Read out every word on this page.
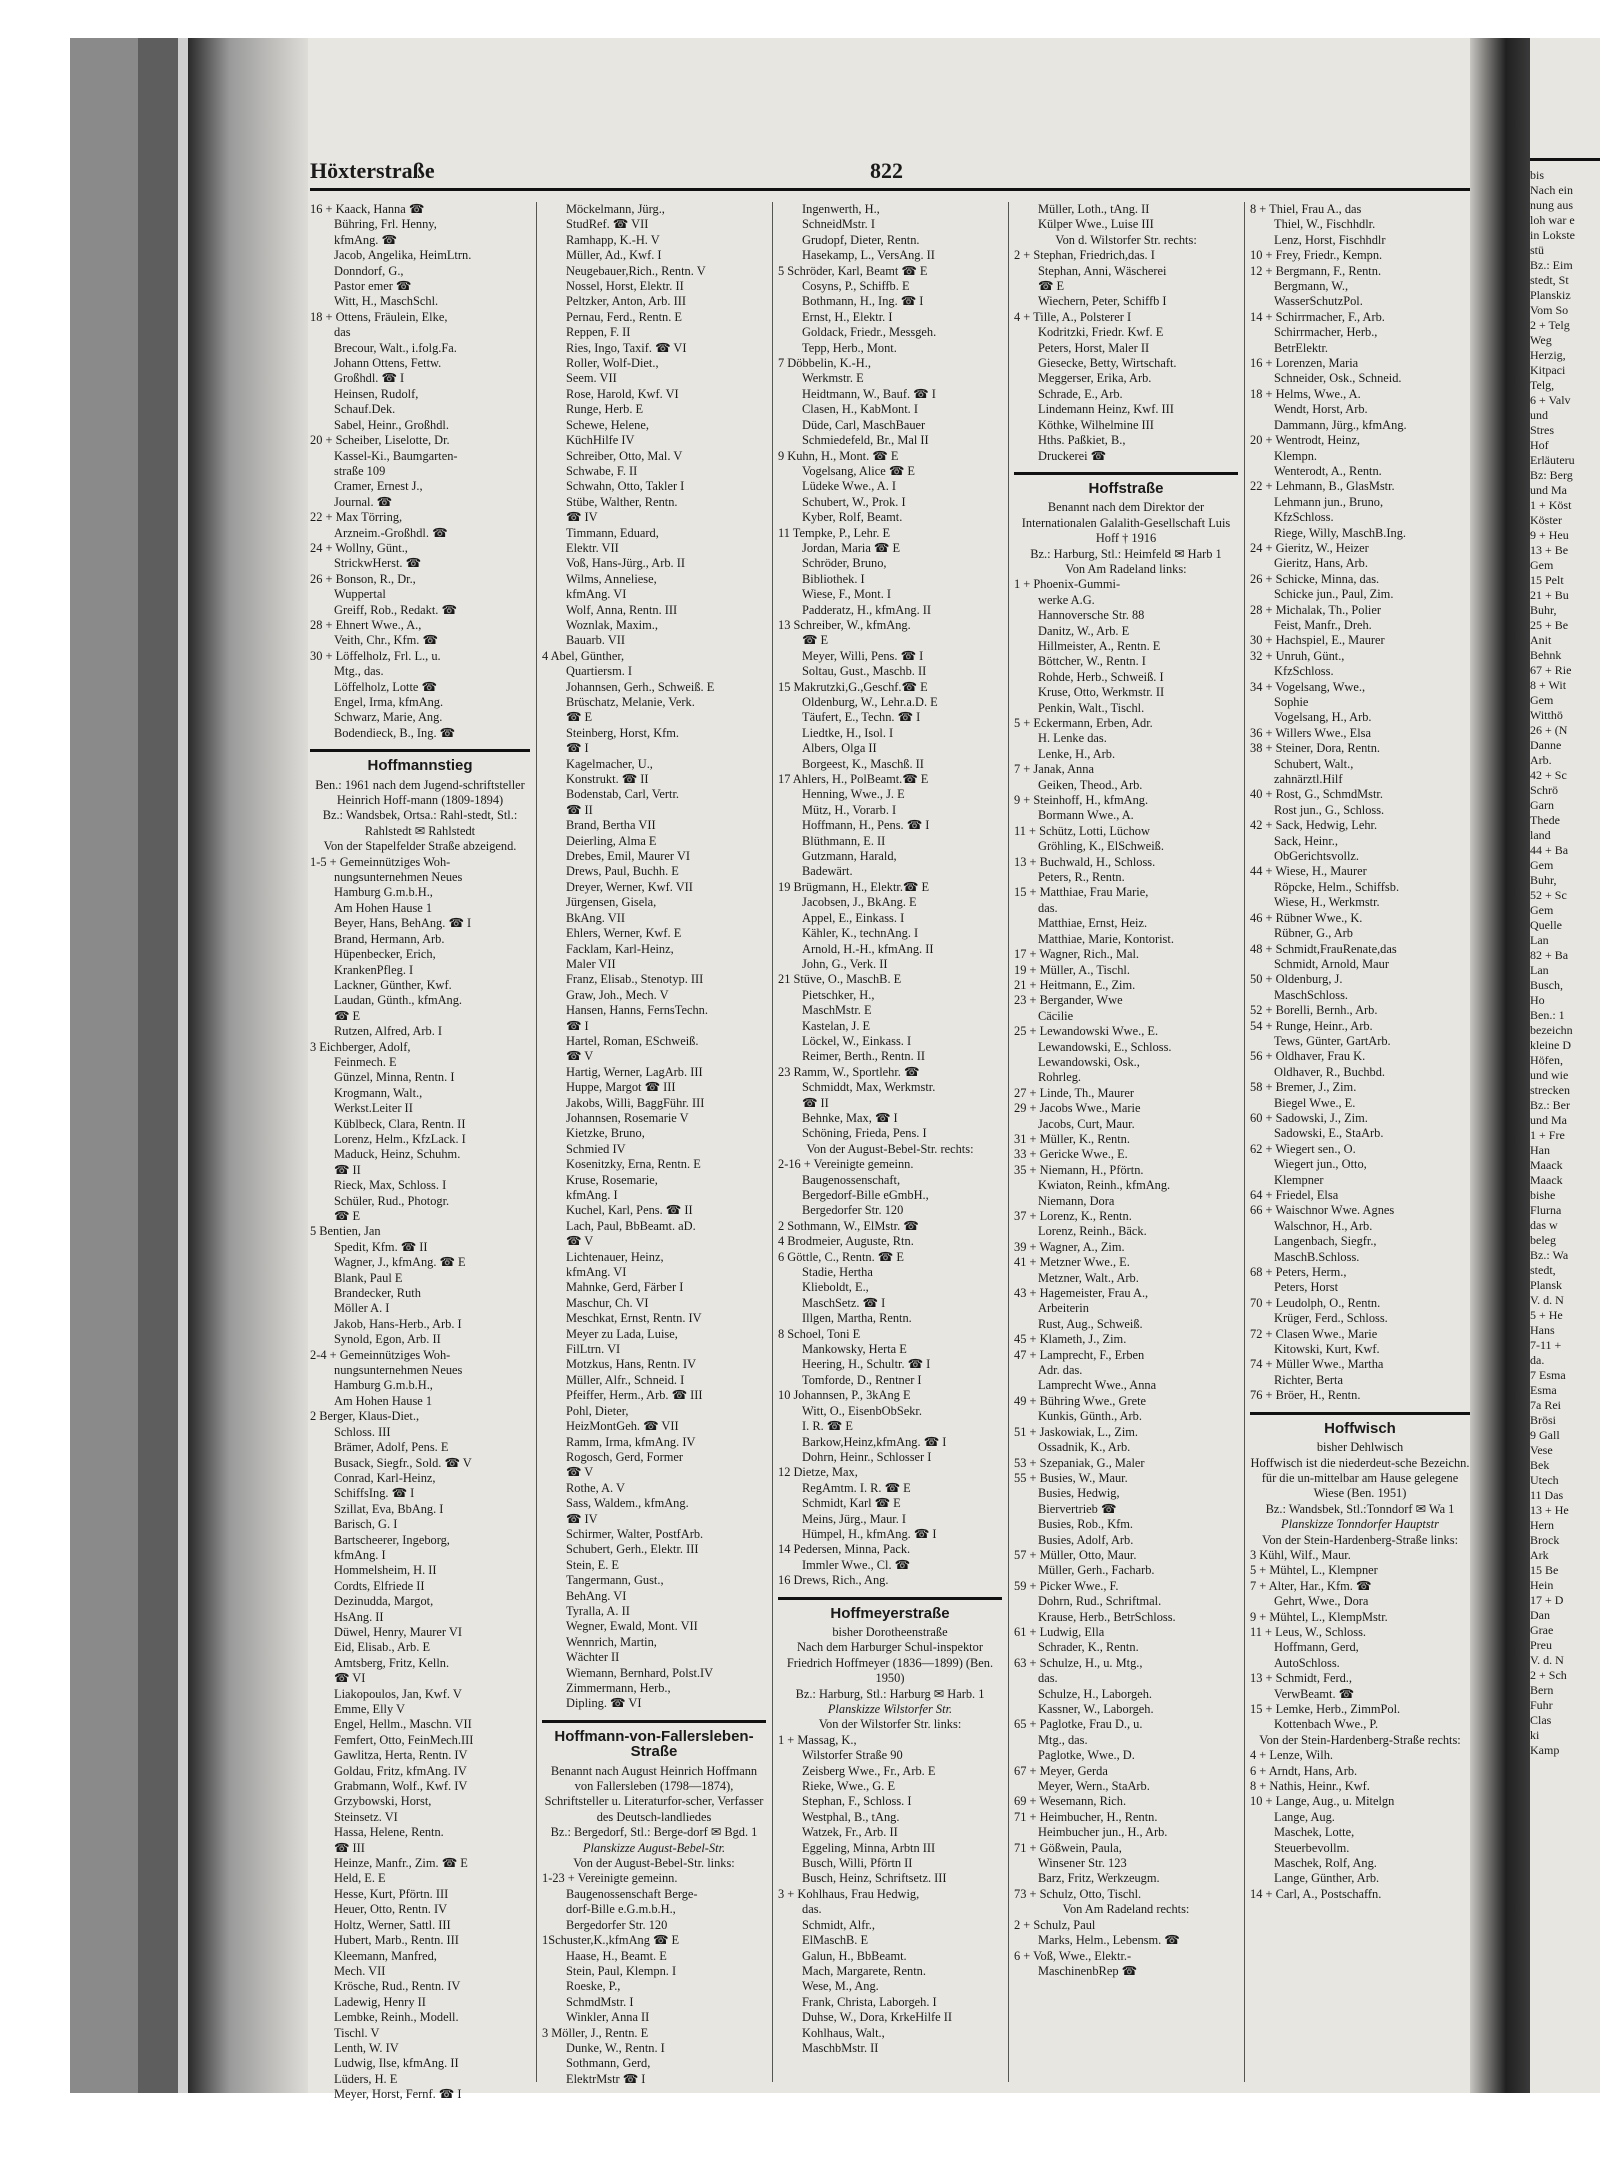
Höxterstraße	822
16 + Kaack, Hanna ☎
Bühring, Frl. Henny,
kfmAng. ☎
Jacob, Angelika, HeimLtrn.
Donndorf, G.,
Pastor emer ☎
Witt, H., MaschSchl.
18 + Ottens, Fräulein, Elke,
das
Brecour, Walt., i.folg.Fa.
Johann Ottens, Fettw.
Großhdl. ☎ I
Heinsen, Rudolf,
Schauf.Dek.
Sabel, Heinr., Großhdl.
20 + Scheiber, Liselotte, Dr.
Kassel-Ki., Baumgarten-
straße 109
Cramer, Ernest J.,
Journal. ☎
22 + Max Törring,
Arzneim.-Großhdl. ☎
24 + Wollny, Günt.,
StrickwHerst. ☎
26 + Bonson, R., Dr.,
Wuppertal
Greiff, Rob., Redakt. ☎
28 + Ehnert Wwe., A.,
Veith, Chr., Kfm. ☎
30 + Löffelholz, Frl. L., u.
Mtg., das.
Löffelholz, Lotte ☎
Engel, Irma, kfmAng.
Schwarz, Marie, Ang.
Bodendieck, B., Ing. ☎
Hoffmannstieg
Ben.: 1961 nach dem Jugend-schriftsteller Heinrich Hoff-mann (1809-1894)
Bz.: Wandsbek, Ortsa.: Rahl-stedt, Stl.: Rahlstedt ✉ Rahlstedt
Von der Stapelfelder Straße abzeigend.
1-5 + Gemeinnütziges Woh-
nungsunternehmen Neues
Hamburg G.m.b.H.,
Am Hohen Hause 1
Beyer, Hans, BehAng. ☎ I
Brand, Hermann, Arb.
Hüpenbecker, Erich,
KrankenPfleg. I
Lackner, Günther, Kwf.
Laudan, Günth., kfmAng.
☎ E
Rutzen, Alfred, Arb. I
3 Eichberger, Adolf,
Feinmech. E
Günzel, Minna, Rentn. I
Krogmann, Walt.,
Werkst.Leiter II
Küblbeck, Clara, Rentn. II
Lorenz, Helm., KfzLack. I
Maduck, Heinz, Schuhm.
☎ II
Rieck, Max, Schloss. I
Schüler, Rud., Photogr.
☎ E
5 Bentien, Jan
Spedit, Kfm. ☎ II
Wagner, J., kfmAng. ☎ E
Blank, Paul E
Brandecker, Ruth
Möller A. I
Jakob, Hans-Herb., Arb. I
Synold, Egon, Arb. II
2-4 + Gemeinnütziges Woh-
nungsunternehmen Neues
Hamburg G.m.b.H.,
Am Hohen Hause 1
2 Berger, Klaus-Diet.,
Schloss. III
Brämer, Adolf, Pens. E
Busack, Siegfr., Sold. ☎ V
Conrad, Karl-Heinz,
SchiffsIng. ☎ I
Szillat, Eva, BbAng. I
Barisch, G. I
Bartscheerer, Ingeborg,
kfmAng. I
Hommelsheim, H. II
Cordts, Elfriede II
Dezinudda, Margot,
HsAng. II
Düwel, Henry, Maurer VI
Eid, Elisab., Arb. E
Amtsberg, Fritz, Kelln.
☎ VI
Liakopoulos, Jan, Kwf. V
Emme, Elly V
Engel, Hellm., Maschn. VII
Femfert, Otto, FeinMech.III
Gawlitza, Herta, Rentn. IV
Goldau, Fritz, kfmAng. IV
Grabmann, Wolf., Kwf. IV
Grzybowski, Horst,
Steinsetz. VI
Hassa, Helene, Rentn.
☎ III
Heinze, Manfr., Zim. ☎ E
Held, E. E
Hesse, Kurt, Pförtn. III
Heuer, Otto, Rentn. IV
Holtz, Werner, Sattl. III
Hubert, Marb., Rentn. III
Kleemann, Manfred,
Mech. VII
Krösche, Rud., Rentn. IV
Ladewig, Henry II
Lembke, Reinh., Modell.
Tischl. V
Lenth, W. IV
Ludwig, Ilse, kfmAng. II
Lüders, H. E
Meyer, Horst, Fernf. ☎ I
Möckelmann, Jürg.,
StudRef. ☎ VII
Ramhapp, K.-H. V
Müller, Ad., Kwf. I
Neugebauer,Rich., Rentn. V
Nossel, Horst, Elektr. II
Peltzker, Anton, Arb. III
Pernau, Ferd., Rentn. E
Reppen, F. II
Ries, Ingo, Taxif. ☎ VI
Roller, Wolf-Diet.,
Seem. VII
Rose, Harold, Kwf. VI
Runge, Herb. E
Schewe, Helene,
KüchHilfe IV
Schreiber, Otto, Mal. V
Schwabe, F. II
Schwahn, Otto, Takler I
Stübe, Walther, Rentn.
☎ IV
Timmann, Eduard,
Elektr. VII
Voß, Hans-Jürg., Arb. II
Wilms, Anneliese,
kfmAng. VI
Wolf, Anna, Rentn. III
Woznlak, Maxim.,
Bauarb. VII
4 Abel, Günther,
Quartiersm. I
Johannsen, Gerh., Schweiß. E
Brüschatz, Melanie, Verk.
☎ E
Steinberg, Horst, Kfm.
☎ I
Kagelmacher, U.,
Konstrukt. ☎ II
Bodenstab, Carl, Vertr.
☎ II
Brand, Bertha VII
Deierling, Alma E
Drebes, Emil, Maurer VI
Drews, Paul, Buchh. E
Dreyer, Werner, Kwf. VII
Jürgensen, Gisela,
BkAng. VII
Ehlers, Werner, Kwf. E
Facklam, Karl-Heinz,
Maler VII
Franz, Elisab., Stenotyp. III
Graw, Joh., Mech. V
Hansen, Hanns, FernsTechn.
☎ I
Hartel, Roman, ESchweiß.
☎ V
Hartig, Werner, LagArb. III
Huppe, Margot ☎ III
Jakobs, Willi, BaggFühr. III
Johannsen, Rosemarie V
Kietzke, Bruno,
Schmied IV
Kosenitzky, Erna, Rentn. E
Kruse, Rosemarie,
kfmAng. I
Kuchel, Karl, Pens. ☎ II
Lach, Paul, BbBeamt. aD.
☎ V
Lichtenauer, Heinz,
kfmAng. VI
Mahnke, Gerd, Färber I
Maschur, Ch. VI
Meschkat, Ernst, Rentn. IV
Meyer zu Lada, Luise,
FilLtrn. VI
Motzkus, Hans, Rentn. IV
Müller, Alfr., Schneid. I
Pfeiffer, Herm., Arb. ☎ III
Pohl, Dieter,
HeizMontGeh. ☎ VII
Ramm, Irma, kfmAng. IV
Rogosch, Gerd, Former
☎ V
Rothe, A. V
Sass, Waldem., kfmAng.
☎ IV
Schirmer, Walter, PostfArb.
Schubert, Gerh., Elektr. III
Stein, E. E
Tangermann, Gust.,
BehAng. VI
Tyralla, A. II
Wegner, Ewald, Mont. VII
Wennrich, Martin,
Wächter II
Wiemann, Bernhard, Polst.IV
Zimmermann, Herb.,
Dipling. ☎ VI
Hoffmann-von-Fallersleben-Straße
Benannt nach August Heinrich Hoffmann von Fallersleben (1798—1874), Schriftsteller u. Literaturfor-scher, Verfasser des Deutsch-landliedes
Bz.: Bergedorf, Stl.: Berge-dorf ✉ Bgd. 1
Planskizze August-Bebel-Str.
Von der August-Bebel-Str. links:
1-23 + Vereinigte gemeinn.
Baugenossenschaft Berge-
dorf-Bille e.G.m.b.H.,
Bergedorfer Str. 120
1Schuster,K.,kfmAng ☎ E
Haase, H., Beamt. E
Stein, Paul, Klempn. I
Roeske, P.,
SchmdMstr. I
Winkler, Anna II
3 Möller, J., Rentn. E
Dunke, W., Rentn. I
Sothmann, Gerd,
ElektrMstr ☎ I
Ingenwerth, H.,
SchneidMstr. I
Grudopf, Dieter, Rentn.
Hasekamp, L., VersAng. II
5 Schröder, Karl, Beamt ☎ E
Cosyns, P., Schiffb. E
Bothmann, H., Ing. ☎ I
Ernst, H., Elektr. I
Goldack, Friedr., Messgeh.
Tepp, Herb., Mont.
7 Döbbelin, K.-H.,
Werkmstr. E
Heidtmann, W., Bauf. ☎ I
Clasen, H., KabMont. I
Düde, Carl, MaschBauer
Schmiedefeld, Br., Mal II
9 Kuhn, H., Mont. ☎ E
Vogelsang, Alice ☎ E
Lüdeke Wwe., A. I
Schubert, W., Prok. I
Kyber, Rolf, Beamt.
11 Tempke, P., Lehr. E
Jordan, Maria ☎ E
Schröder, Bruno,
Bibliothek. I
Wiese, F., Mont. I
Padderatz, H., kfmAng. II
13 Schreiber, W., kfmAng.
☎ E
Meyer, Willi, Pens. ☎ I
Soltau, Gust., Maschb. II
15 Makrutzki,G.,Geschf.☎ E
Oldenburg, W., Lehr.a.D. E
Täufert, E., Techn. ☎ I
Liedtke, H., Isol. I
Albers, Olga II
Borgeest, K., Maschß. II
17 Ahlers, H., PolBeamt.☎ E
Henning, Wwe., J. E
Mütz, H., Vorarb. I
Hoffmann, H., Pens. ☎ I
Blüthmann, E. II
Gutzmann, Harald,
Badewärt.
19 Brügmann, H., Elektr.☎ E
Jacobsen, J., BkAng. E
Appel, E., Einkass. I
Kähler, K., technAng. I
Arnold, H.-H., kfmAng. II
John, G., Verk. II
21 Stüve, O., MaschB. E
Pietschker, H.,
MaschMstr. E
Kastelan, J. E
Löckel, W., Einkass. I
Reimer, Berth., Rentn. II
23 Ramm, W., Sportlehr. ☎
Schmiddt, Max, Werkmstr.
☎ II
Behnke, Max, ☎ I
Schöning, Frieda, Pens. I
Von der August-Bebel-Str. rechts:
2-16 + Vereinigte gemeinn.
Baugenossenschaft,
Bergedorf-Bille eGmbH.,
Bergedorfer Str. 120
2 Sothmann, W., ElMstr. ☎
4 Brodmeier, Auguste, Rtn.
6 Göttle, C., Rentn. ☎ E
Stadie, Hertha
Klieboldt, E.,
MaschSetz. ☎ I
Illgen, Martha, Rentn.
8 Schoel, Toni E
Mankowsky, Herta E
Heering, H., Schultr. ☎ I
Tomforde, D., Rentner I
10 Johannsen, P., 3kAng E
Witt, O., EisenbObSekr.
I. R. ☎ E
Barkow,Heinz,kfmAng. ☎ I
Dohrn, Heinr., Schlosser I
12 Dietze, Max,
RegAmtm. I. R. ☎ E
Schmidt, Karl ☎ E
Meins, Jürg., Maur. I
Hümpel, H., kfmAng. ☎ I
14 Pedersen, Minna, Pack.
Immler Wwe., Cl. ☎
16 Drews, Rich., Ang.
Hoffmeyerstraße
bisher Dorotheenstraße
Nach dem Harburger Schul-inspektor Friedrich Hoffmeyer (1836—1899) (Ben. 1950)
Bz.: Harburg, Stl.: Harburg ✉ Harb. 1
Planskizze Wilstorfer Str.
Von der Wilstorfer Str. links:
1 + Massag, K.,
Wilstorfer Straße 90
Zeisberg Wwe., Fr., Arb. E
Rieke, Wwe., G. E
Stephan, F., Schloss. I
Westphal, B., tAng.
Watzek, Fr., Arb. II
Eggeling, Minna, Arbtn III
Busch, Willi, Pförtn II
Busch, Heinz, Schriftsetz. III
3 + Kohlhaus, Frau Hedwig,
das.
Schmidt, Alfr.,
ElMaschB. E
Galun, H., BbBeamt.
Mach, Margarete, Rentn.
Wese, M., Ang.
Frank, Christa, Laborgeh. I
Duhse, W., Dora, KrkeHilfe II
Kohlhaus, Walt.,
MaschbMstr. II
Müller, Loth., tAng. II
Külper Wwe., Luise III
Von d. Wilstorfer Str. rechts:
2 + Stephan, Friedrich,das. I
Stephan, Anni, Wäscherei
☎ E
Wiechern, Peter, Schiffb I
4 + Tille, A., Polsterer I
Kodritzki, Friedr. Kwf. E
Peters, Horst, Maler II
Giesecke, Betty, Wirtschaft.
Meggerser, Erika, Arb.
Schrade, E., Arb.
Lindemann Heinz, Kwf. III
Köthke, Wilhelmine III
Hths. Paßkiet, B.,
Druckerei ☎
Hoffstraße
Benannt nach dem Direktor der Internationalen Galalith-Gesellschaft Luis Hoff † 1916
Bz.: Harburg, Stl.: Heimfeld ✉ Harb 1
Von Am Radeland links:
1 + Phoenix-Gummi-
werke A.G.
Hannoversche Str. 88
Danitz, W., Arb. E
Hillmeister, A., Rentn. E
Böttcher, W., Rentn. I
Rohde, Herb., Schweiß. I
Kruse, Otto, Werkmstr. II
Penkin, Walt., Tischl.
5 + Eckermann, Erben, Adr.
H. Lenke das.
Lenke, H., Arb.
7 + Janak, Anna
Geiken, Theod., Arb.
9 + Steinhoff, H., kfmAng.
Bormann Wwe., A.
11 + Schütz, Lotti, Lüchow
Gröhling, K., ElSchweiß.
13 + Buchwald, H., Schloss.
Peters, R., Rentn.
15 + Matthiae, Frau Marie,
das.
Matthiae, Ernst, Heiz.
Matthiae, Marie, Kontorist.
17 + Wagner, Rich., Mal.
19 + Müller, A., Tischl.
21 + Heitmann, E., Zim.
23 + Bergander, Wwe
Cäcilie
25 + Lewandowski Wwe., E.
Lewandowski, E., Schloss.
Lewandowski, Osk.,
Rohrleg.
27 + Linde, Th., Maurer
29 + Jacobs Wwe., Marie
Jacobs, Curt, Maur.
31 + Müller, K., Rentn.
33 + Gericke Wwe., E.
35 + Niemann, H., Pförtn.
Kwiaton, Reinh., kfmAng.
Niemann, Dora
37 + Lorenz, K., Rentn.
Lorenz, Reinh., Bäck.
39 + Wagner, A., Zim.
41 + Metzner Wwe., E.
Metzner, Walt., Arb.
43 + Hagemeister, Frau A.,
Arbeiterin
Rust, Aug., Schweiß.
45 + Klameth, J., Zim.
47 + Lamprecht, F., Erben
Adr. das.
Lamprecht Wwe., Anna
49 + Bühring Wwe., Grete
Kunkis, Günth., Arb.
51 + Jaskowiak, L., Zim.
Ossadnik, K., Arb.
53 + Szepaniak, G., Maler
55 + Busies, W., Maur.
Busies, Hedwig,
Biervertrieb ☎
Busies, Rob., Kfm.
Busies, Adolf, Arb.
57 + Müller, Otto, Maur.
Müller, Gerh., Facharb.
59 + Picker Wwe., F.
Dohrn, Rud., Schriftmal.
Krause, Herb., BetrSchloss.
61 + Ludwig, Ella
Schrader, K., Rentn.
63 + Schulze, H., u. Mtg.,
das.
Schulze, H., Laborgeh.
Kassner, W., Laborgeh.
65 + Paglotke, Frau D., u.
Mtg., das.
Paglotke, Wwe., D.
67 + Meyer, Gerda
Meyer, Wern., StaArb.
69 + Wesemann, Rich.
71 + Heimbucher, H., Rentn.
Heimbucher jun., H., Arb.
71 + Gößwein, Paula,
Winsener Str. 123
Barz, Fritz, Werkzeugm.
73 + Schulz, Otto, Tischl.
Von Am Radeland rechts:
2 + Schulz, Paul
Marks, Helm., Lebensm. ☎
6 + Voß, Wwe., Elektr.-
MaschinenbRep ☎
8 + Thiel, Frau A., das
Thiel, W., Fischhdlr.
Lenz, Horst, Fischhdlr
10 + Frey, Friedr., Kempn.
12 + Bergmann, F., Rentn.
Bergmann, W.,
WasserSchutzPol.
14 + Schirrmacher, F., Arb.
Schirrmacher, Herb.,
BetrElektr.
16 + Lorenzen, Maria
Schneider, Osk., Schneid.
18 + Helms, Wwe., A.
Wendt, Horst, Arb.
Dammann, Jürg., kfmAng.
20 + Wentrodt, Heinz,
Klempn.
Wenterodt, A., Rentn.
22 + Lehmann, B., GlasMstr.
Lehmann jun., Bruno,
KfzSchloss.
Riege, Willy, MaschB.Ing.
24 + Gieritz, W., Heizer
Gieritz, Hans, Arb.
26 + Schicke, Minna, das.
Schicke jun., Paul, Zim.
28 + Michalak, Th., Polier
Feist, Manfr., Dreh.
30 + Hachspiel, E., Maurer
32 + Unruh, Günt.,
KfzSchloss.
34 + Vogelsang, Wwe.,
Sophie
Vogelsang, H., Arb.
36 + Willers Wwe., Elsa
38 + Steiner, Dora, Rentn.
Schubert, Walt.,
zahnärztl.Hilf
40 + Rost, G., SchmdMstr.
Rost jun., G., Schloss.
42 + Sack, Hedwig, Lehr.
Sack, Heinr.,
ObGerichtsvollz.
44 + Wiese, H., Maurer
Röpcke, Helm., Schiffsb.
Wiese, H., Werkmstr.
46 + Rübner Wwe., K.
Rübner, G., Arb
48 + Schmidt,FrauRenate,das
Schmidt, Arnold, Maur
50 + Oldenburg, J.
MaschSchloss.
52 + Borelli, Bernh., Arb.
54 + Runge, Heinr., Arb.
Tews, Günter, GartArb.
56 + Oldhaver, Frau K.
Oldhaver, R., Buchbd.
58 + Bremer, J., Zim.
Biegel Wwe., E.
60 + Sadowski, J., Zim.
Sadowski, E., StaArb.
62 + Wiegert sen., O.
Wiegert jun., Otto,
Klempner
64 + Friedel, Elsa
66 + Waischnor Wwe. Agnes
Walschnor, H., Arb.
Langenbach, Siegfr.,
MaschB.Schloss.
68 + Peters, Herm.,
Peters, Horst
70 + Leudolph, O., Rentn.
Krüger, Ferd., Schloss.
72 + Clasen Wwe., Marie
Kitowski, Kurt, Kwf.
74 + Müller Wwe., Martha
Richter, Berta
76 + Bröer, H., Rentn.
Hoffwisch
bisher Dehlwisch
Hoffwisch ist die niederdeut-sche Bezeichn. für die un-mittelbar am Hause gelegene Wiese (Ben. 1951)
Bz.: Wandsbek, Stl.:Tonndorf ✉ Wa 1
Planskizze Tonndorfer Hauptstr
Von der Stein-Hardenberg-Straße links:
3 Kühl, Wilf., Maur.
5 + Mühtel, L., Klempner
7 + Alter, Har., Kfm. ☎
Gehrt, Wwe., Dora
9 + Mühtel, L., KlempMstr.
11 + Leus, W., Schloss.
Hoffmann, Gerd,
AutoSchloss.
13 + Schmidt, Ferd.,
VerwBeamt. ☎
15 + Lemke, Herb., ZimmPol.
Kottenbach Wwe., P.
Von der Stein-Hardenberg-Straße rechts:
4 + Lenze, Wilh.
6 + Arndt, Hans, Arb.
8 + Nathis, Heinr., Kwf.
10 + Lange, Aug., u. Mitelgn
Lange, Aug.
Maschek, Lotte,
Steuerbevollm.
Maschek, Rolf, Ang.
Lange, Günther, Arb.
14 + Carl, A., Postschaffn.
bis
Nach ein
nung aus
loh war e
in Lokste
stü
Bz.: Eim
stedt, St
Planskiz
Vom So
2 + Telg
Weg
Herzig,
Kitpaci
Telg,
6 + Valv
und
Stres
Hof
Erläuteru
Bz: Berg
und Ma
1 + Köst
Köster
9 + Heu
13 + Be
Gem
15 Pelt
21 + Bu
Buhr,
25 + Be
Anit
Behnk
67 + Rie
8 + Wit
Gem
Witthö
26 + (N
Danne
Arb.
42 + Sc
Schrö
Garn
Thede
land
44 + Ba
Gem
Buhr,
52 + Sc
Gem
Quelle
Lan
82 + Ba
Lan
Busch,
Ho
Ben.: 1
bezeichn
kleine D
Höfen,
und wie
strecken
Bz.: Ber
und Ma
1 + Fre
Han
Maack
Maack
bishe
Flurna
das w
beleg
Bz.: Wa
stedt,
Plansk
V. d. N
5 + He
Hans
7-11 +
da.
7 Esma
Esma
7a Rei
Brösi
9 Gall
Vese
Bek
Utech
11 Das
13 + He
Hern
Brock
Ark
15 Be
Hein
17 + D
Dan
Grae
Preu
V. d. N
2 + Sch
Bern
Fuhr
Clas
ki
Kamp
